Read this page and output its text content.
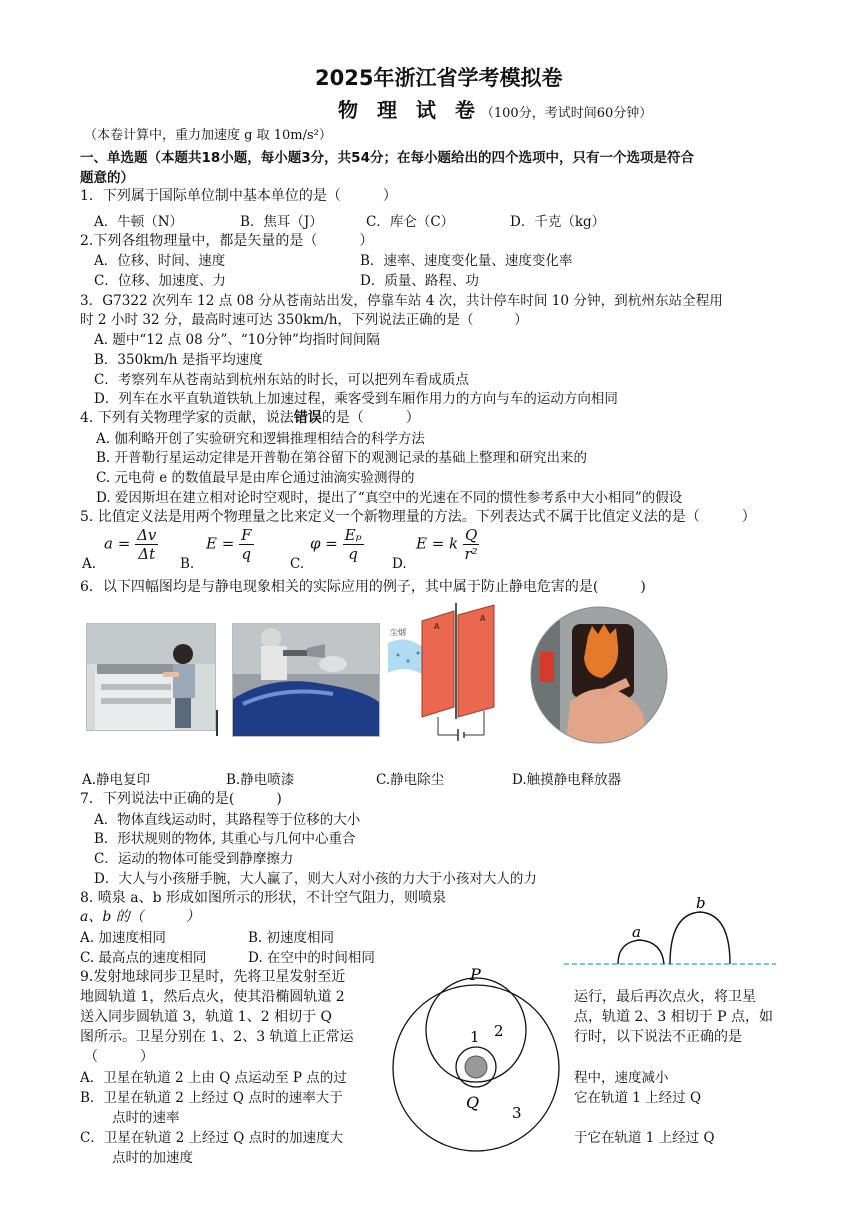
2025年浙江省学考模拟卷
物 理 试 卷（100分，考试时间60分钟）
（本卷计算中，重力加速度 g 取 10m/s²）
一、单选题（本题共18小题，每小题3分，共54分；在每小题给出的四个选项中，只有一个选项是符合
题意的）
1．下列属于国际单位制中基本单位的是（　　　）
A．牛顿（N）	B．焦耳（J）	C．库仑（C）	D．千克（kg）
2.下列各组物理量中，都是矢量的是（　　　）
A．位移、时间、速度	B．速率、速度变化量、速度变化率
C．位移、加速度、力	D．质量、路程、功
3．G7322 次列车 12 点 08 分从苍南站出发，停靠车站 4 次，共计停车时间 10 分钟，到杭州东站全程用
时 2 小时 32 分，最高时速可达 350km/h，下列说法正确的是（　　　）
A. 题中“12 点 08 分”、“10分钟”均指时间间隔
B．350km/h 是指平均速度
C．考察列车从苍南站到杭州东站的时长，可以把列车看成质点
D．列车在水平直轨道铁轨上加速过程，乘客受到车厢作用力的方向与车的运动方向相同
4. 下列有关物理学家的贡献，说法错误的是（　　　）
A. 伽利略开创了实验研究和逻辑推理相结合的科学方法
B. 开普勒行星运动定律是开普勒在第谷留下的观测记录的基础上整理和研究出来的
C. 元电荷 e 的数值最早是由库仑通过油滴实验测得的
D. 爱因斯坦在建立相对论时空观时，提出了“真空中的光速在不同的惯性参考系中大小相同”的假设
5. 比值定义法是用两个物理量之比来定义一个新物理量的方法。下列表达式不属于比值定义法的是（　　　）
$a = \frac{\Delta v}{\Delta t}$	$E = \frac{F}{q}$	$\varphi = \frac{\text{Eₚ}}{q}$	E = k $\frac{Q}{\text{r²}}$
A.	B.	C.	D.
6．以下四幅图均是与静电现象相关的实际应用的例子，其中属于防止静电危害的是(　　　)
尘烟
A
A
A.静电复印	B.静电喷漆	C.静电除尘	D.触摸静电释放器
7．下列说法中正确的是(　　　)
A．物体直线运动时，其路程等于位移的大小
B．形状规则的物体, 其重心与几何中心重合
C．运动的物体可能受到静摩擦力
D．大人与小孩掰手腕，大人赢了，则大人对小孩的力大于小孩对大人的力
8. 喷泉 a、b 形成如图所示的形状，不计空气阻力，则喷泉
a、b 的（　　　）
A. 加速度相同	B. 初速度相同
C. 最高点的速度相同	D. 在空中的时间相同
a
b
9.发射地球同步卫星时，先将卫星发射至近
地圆轨道 1，然后点火，使其沿椭圆轨道 2
送入同步圆轨道 3，轨道 1、2 相切于 Q
图所示。卫星分别在 1、2、3 轨道上正常运
（　　　）
运行，最后再次点火，将卫星
点，轨道 2、3 相切于 P 点，如
行时，以下说法不正确的是
A．卫星在轨道 2 上由 Q 点运动至 P 点的过	程中，速度减小
B．卫星在轨道 2 上经过 Q 点时的速率大于	它在轨道 1 上经过 Q
点时的速率
C．卫星在轨道 2 上经过 Q 点时的加速度大	于它在轨道 1 上经过 Q
点时的加速度
P
Q
1 2
3
